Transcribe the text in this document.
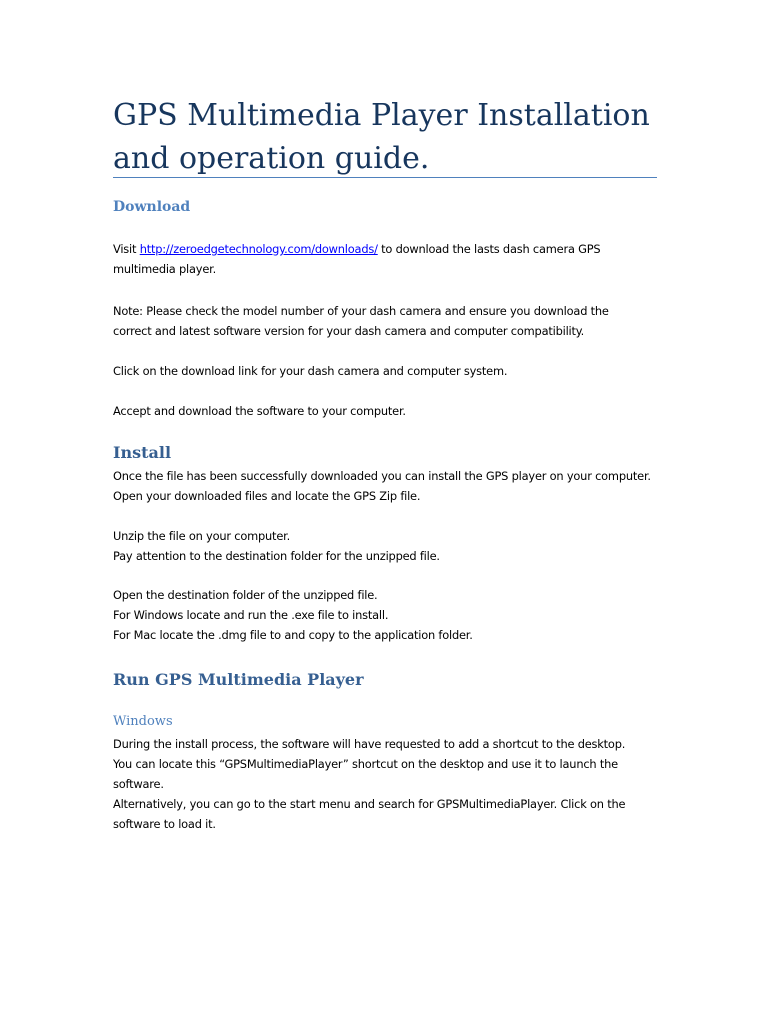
GPS Multimedia Player Installation
and operation guide.
Download

Visit http://zeroedgetechnology.com/downloads/ to download the lasts dash camera GPS
multimedia player.

Note: Please check the model number of your dash camera and ensure you download the
correct and latest software version for your dash camera and computer compatibility.

Click on the download link for your dash camera and computer system.

Accept and download the software to your computer.

Install

Once the file has been successfully downloaded you can install the GPS player on your computer.
Open your downloaded files and locate the GPS Zip file.

Unzip the file on your computer.
Pay attention to the destination folder for the unzipped file.

Open the destination folder of the unzipped file.
For Windows locate and run the .exe file to install.
For Mac locate the .dmg file to and copy to the application folder.

Run GPS Multimedia Player
Windows

During the install process, the software will have requested to add a shortcut to the desktop.
You can locate this “GPSMultimediaPlayer” shortcut on the desktop and use it to launch the
software.
Alternatively, you can go to the start menu and search for GPSMultimediaPlayer. Click on the
software to load it.
